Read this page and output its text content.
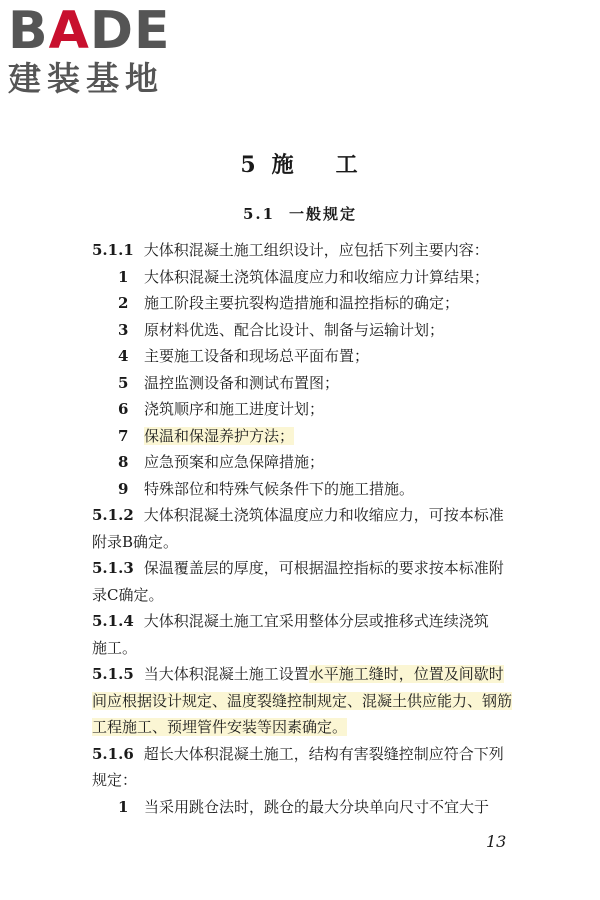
BADE
建装基地
5 施 工
5.1 一般规定
5.1.1 大体积混凝土施工组织设计，应包括下列主要内容：
1 大体积混凝土浇筑体温度应力和收缩应力计算结果；
2 施工阶段主要抗裂构造措施和温控指标的确定；
3 原材料优选、配合比设计、制备与运输计划；
4 主要施工设备和现场总平面布置；
5 温控监测设备和测试布置图；
6 浇筑顺序和施工进度计划；
7 保温和保湿养护方法；
8 应急预案和应急保障措施；
9 特殊部位和特殊气候条件下的施工措施。
5.1.2 大体积混凝土浇筑体温度应力和收缩应力，可按本标准
附录B确定。
5.1.3 保温覆盖层的厚度，可根据温控指标的要求按本标准附
录C确定。
5.1.4 大体积混凝土施工宜采用整体分层或推移式连续浇筑
施工。
5.1.5 当大体积混凝土施工设置水平施工缝时，位置及间歇时
间应根据设计规定、温度裂缝控制规定、混凝土供应能力、钢筋
工程施工、预埋管件安装等因素确定。
5.1.6 超长大体积混凝土施工，结构有害裂缝控制应符合下列
规定：
1 当采用跳仓法时，跳仓的最大分块单向尺寸不宜大于
13
